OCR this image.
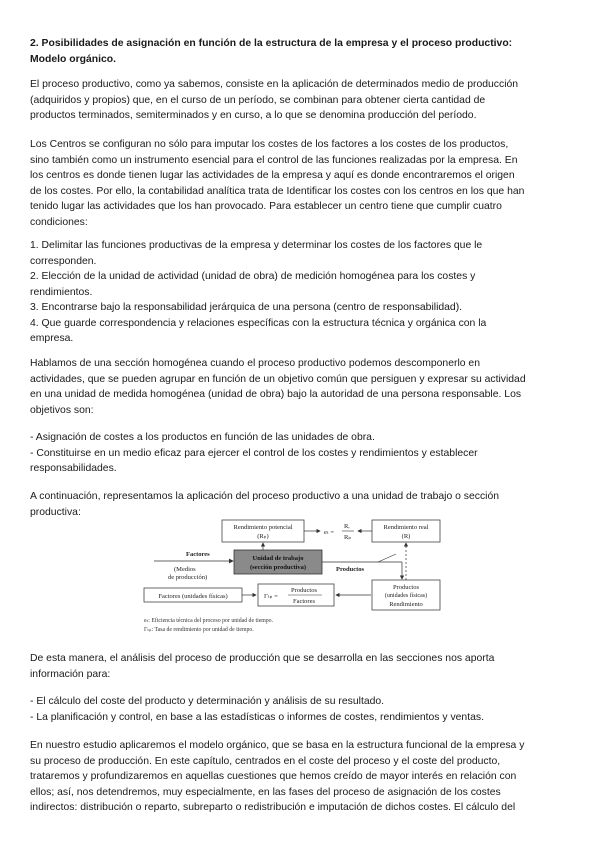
2. Posibilidades de asignación en función de la estructura de la empresa y el proceso productivo:
Modelo orgánico.
El proceso productivo, como ya sabemos, consiste en la aplicación de determinados medio de producción
(adquiridos y propios) que, en el curso de un período, se combinan para obtener cierta cantidad de
productos terminados, semiterminados y en curso, a lo que se denomina producción del período.
Los Centros se configuran no sólo para imputar los costes de los factores a los costes de los productos,
sino también como un instrumento esencial para el control de las funciones realizadas por la empresa. En
los centros es donde tienen lugar las actividades de la empresa y aquí es donde encontraremos el origen
de los costes. Por ello, la contabilidad analítica trata de Identificar los costes con los centros en los que han
tenido lugar las actividades que los han provocado. Para establecer un centro tiene que cumplir cuatro
condiciones:
1. Delimitar las funciones productivas de la empresa y determinar los costes de los factores que le
corresponden.
2. Elección de la unidad de actividad (unidad de obra) de medición homogénea para los costes y
rendimientos.
3. Encontrarse bajo la responsabilidad jerárquica de una persona (centro de responsabilidad).
4. Que guarde correspondencia y relaciones específicas con la estructura técnica y orgánica con la
empresa.
Hablamos de una sección homogénea cuando el proceso productivo podemos descomponerlo en
actividades, que se pueden agrupar en función de un objetivo común que persiguen y expresar su actividad
en una unidad de medida homogénea (unidad de obra) bajo la autoridad de una persona responsable. Los
objetivos son:
- Asignación de costes a los productos en función de las unidades de obra.
- Constituirse en un medio eficaz para ejercer el control de los costes y rendimientos y establecer
responsabilidades.
A continuación, representamos la aplicación del proceso productivo a una unidad de trabajo o sección
productiva:
Rendimiento potencial
(Rₚ)
eₜ =
Rᵣ
Rₚ
Rendimiento real
(R)
Factores
(Medios
de producción)
Unidad de trabajo
(sección productiva)	Productos
Productos
(unidades físicas)
Rendimiento
Factores (unidades físicas)	Γₜₚ =
Productos
Factores
eₜ: Eficiencia técnica del proceso por unidad de tiempo.
Γₜₚ: Tasa de rendimiento por unidad de tiempo.
De esta manera, el análisis del proceso de producción que se desarrolla en las secciones nos aporta
información para:
- El cálculo del coste del producto y determinación y análisis de su resultado.
- La planificación y control, en base a las estadísticas o informes de costes, rendimientos y ventas.
En nuestro estudio aplicaremos el modelo orgánico, que se basa en la estructura funcional de la empresa y
su proceso de producción. En este capítulo, centrados en el coste del proceso y el coste del producto,
trataremos y profundizaremos en aquellas cuestiones que hemos creído de mayor interés en relación con
ellos; así, nos detendremos, muy especialmente, en las fases del proceso de asignación de los costes
indirectos: distribución o reparto, subreparto o redistribución e imputación de dichos costes. El cálculo del
